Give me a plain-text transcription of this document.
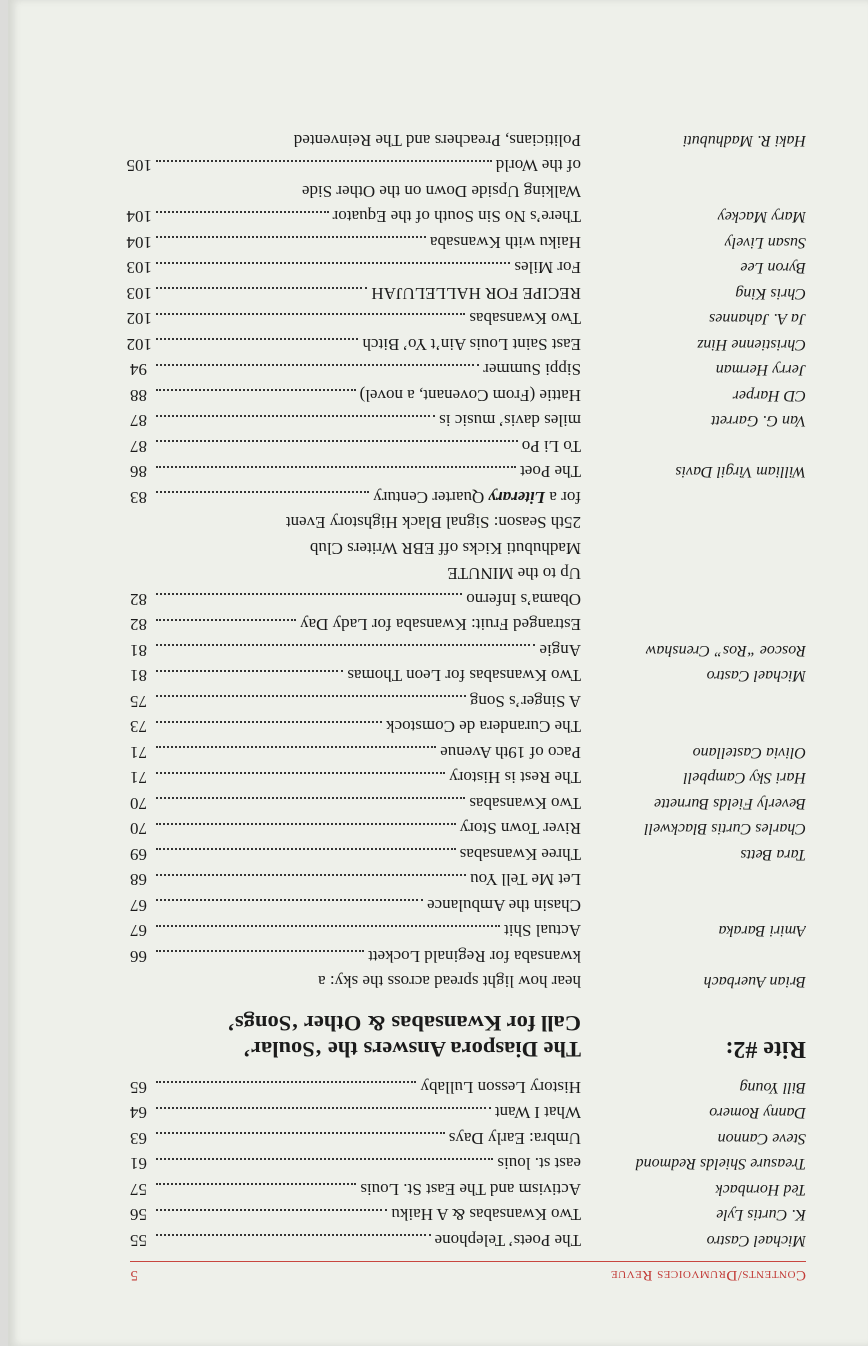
Contents/Drumvoices Revue
5
Michael Castro
The Poets’ Telephone
55
K. Curtis Lyle
Two Kwansabas & A Haiku
56
Ted Hornback
Activism and The East St. Louis
57
Treasure Shields Redmond
east st. louis
61
Steve Cannon
Umbra: Early Days
63
Danny Romero
What I Want
64
Bill Young
History Lesson Lullaby
65
Rite #2:
The Diaspora Answers the ‘Soular’
Call for Kwansabas & Other ‘Songs’
Brian Auerbach
hear how light spread across the sky: a
kwansaba for Reginald Lockett
66
Amiri Baraka
Actual Shit
67
Chasin the Ambulance
67
Let Me Tell You
68
Tara Betts
Three Kwansabas
69
Charles Curtis Blackwell
River Town Story
70
Beverly Fields Burnette
Two Kwansabas
70
Hari Sky Campbell
The Rest is History
71
Olivia Castellano
Paco of 19th Avenue
71
The Curandera de Comstock
73
A Singer’s Song
75
Michael Castro
Two Kwansabas for Leon Thomas
81
Roscoe “Ros” Crenshaw
Angie
81
Estranged Fruit: Kwansaba for Lady Day
82
Obama’s Inferno
82
Up to the MINUTE
Madhubuti Kicks off EBR Writers Club
25th Season: Signal Black Highstory Event
for a Literary Quarter Century
83
William Virgil Davis
The Poet
86
To Li Po
87
Van G. Garrett
miles davis’ music is
87
CD Harper
Hattie (From Covenant, a novel)
88
Jerry Herman
Sippi Summer
94
Christienne Hinz
East Saint Louis Ain’t Yo’ Bitch
102
Ja A. Jahannes
Two Kwansabas
102
Chris King
RECIPE FOR HALLELUJAH
103
Byron Lee
For Miles
103
Susan Lively
Haiku with Kwansaba
104
Mary Mackey
There’s No Sin South of the Equator
104
Walking Upside Down on the Other Side
of the World
105
Haki R. Madhubuti
Politicians, Preachers and The Reinvented
